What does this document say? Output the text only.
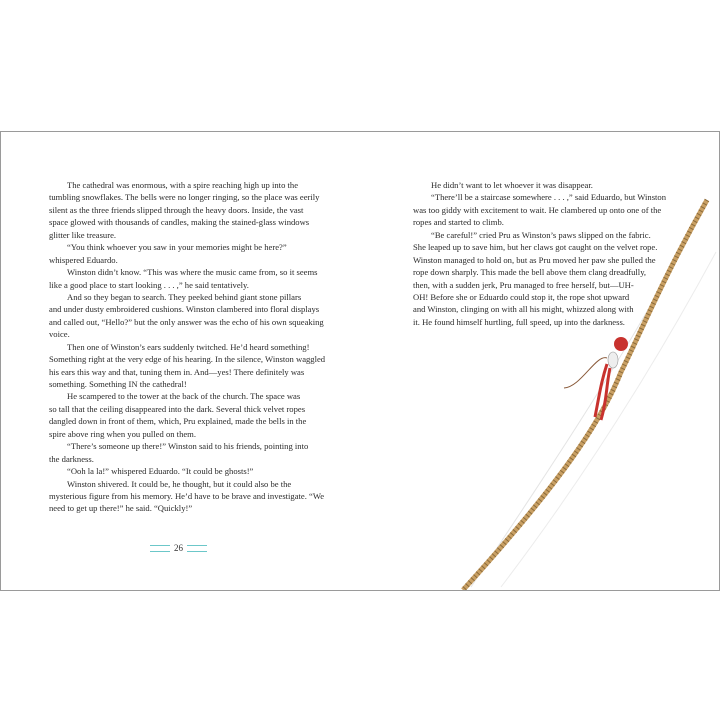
The cathedral was enormous, with a spire reaching high up into the
tumbling snowflakes. The bells were no longer ringing, so the place was eerily
silent as the three friends slipped through the heavy doors. Inside, the vast
space glowed with thousands of candles, making the stained-glass windows
glitter like treasure.
“You think whoever you saw in your memories might be here?”
whispered Eduardo.
Winston didn’t know. “This was where the music came from, so it seems
like a good place to start looking . . . ,” he said tentatively.
And so they began to search. They peeked behind giant stone pillars
and under dusty embroidered cushions. Winston clambered into floral displays
and called out, “Hello?” but the only answer was the echo of his own squeaking
voice.
Then one of Winston’s ears suddenly twitched. He’d heard something!
Something right at the very edge of his hearing. In the silence, Winston waggled
his ears this way and that, tuning them in. And—yes! There definitely was
something. Something IN the cathedral!
He scampered to the tower at the back of the church. The space was
so tall that the ceiling disappeared into the dark. Several thick velvet ropes
dangled down in front of them, which, Pru explained, made the bells in the
spire above ring when you pulled on them.
“There’s someone up there!” Winston said to his friends, pointing into
the darkness.
“Ooh la la!” whispered Eduardo. “It could be ghosts!”
Winston shivered. It could be, he thought, but it could also be the
mysterious figure from his memory. He’d have to be brave and investigate. “We
need to get up there!” he said. “Quickly!”
He didn’t want to let whoever it was disappear.
“There’ll be a staircase somewhere . . . ,” said Eduardo, but Winston
was too giddy with excitement to wait. He clambered up onto one of the
ropes and started to climb.
“Be careful!” cried Pru as Winston’s paws slipped on the fabric.
She leaped up to save him, but her claws got caught on the velvet rope.
Winston managed to hold on, but as Pru moved her paw she pulled the
rope down sharply. This made the bell above them clang dreadfully,
then, with a sudden jerk, Pru managed to free herself, but—UH-
OH! Before she or Eduardo could stop it, the rope shot upward
and Winston, clinging on with all his might, whizzed along with
it. He found himself hurtling, full speed, up into the darkness.
26
